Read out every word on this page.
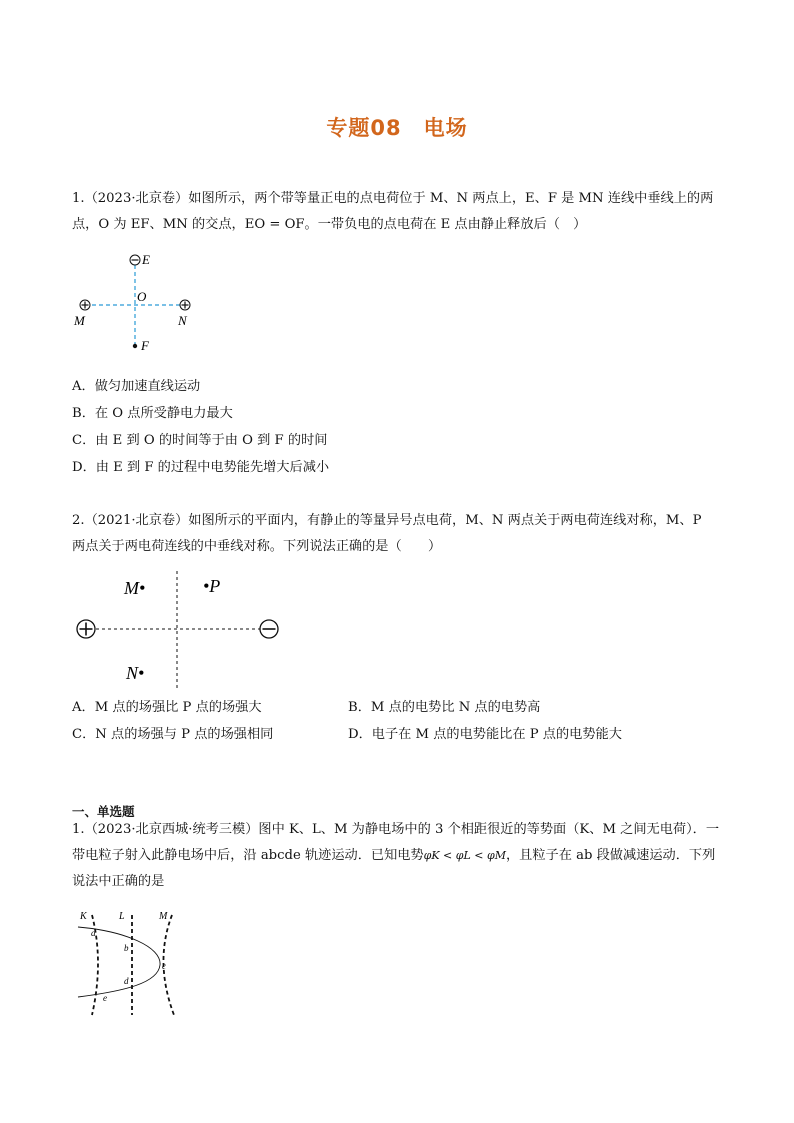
专题08　电场
1.（2023·北京卷）如图所示，两个带等量正电的点电荷位于 M、N 两点上，E、F 是 MN 连线中垂线上的两
点，O 为 EF、MN 的交点，EO = OF。一带负电的点电荷在 E 点由静止释放后（　）
E
O
M	N
F
A．做匀加速直线运动
B．在 O 点所受静电力最大
C．由 E 到 O 的时间等于由 O 到 F 的时间
D．由 E 到 F 的过程中电势能先增大后减小
2.（2021·北京卷）如图所示的平面内，有静止的等量异号点电荷，M、N 两点关于两电荷连线对称，M、P
两点关于两电荷连线的中垂线对称。下列说法正确的是（　　）
M•	•P
N•
A．M 点的场强比 P 点的场强大	B．M 点的电势比 N 点的电势高
C．N 点的场强与 P 点的场强相同	D．电子在 M 点的电势能比在 P 点的电势能大
一、单选题
1.（2023·北京西城·统考三模）图中 K、L、M 为静电场中的 3 个相距很近的等势面（K、M 之间无电荷）．一
带电粒子射入此静电场中后，沿 abcde 轨迹运动．已知电势φK < φL < φM，且粒子在 ab 段做减速运动．下列
说法中正确的是
K	L	M
a
b
c
d
e
